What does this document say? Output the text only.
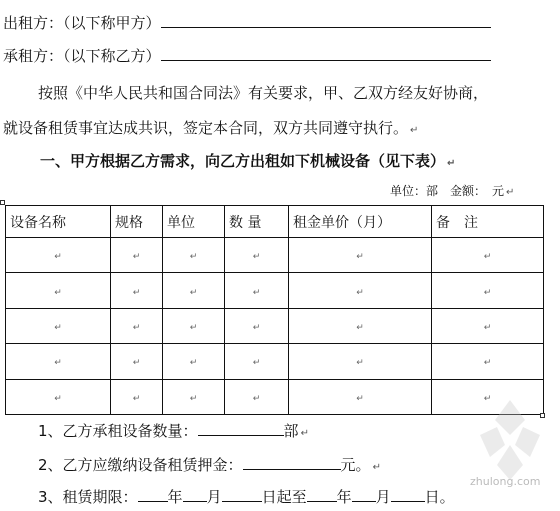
出租方：（以下称甲方）
承租方：（以下称乙方）
按照《中华人民共和国合同法》有关要求，甲、乙双方经友好协商，
就设备租赁事宜达成共识，签定本合同，双方共同遵守执行。 ↵
一、甲方根据乙方需求，向乙方出租如下机械设备（见下表） ↵
单位：部　金额：　元 ↵
设备名称	规格	单位	数 量	租金单价（月）	备　注
↵	↵	↵	↵	↵	↵
↵	↵	↵	↵	↵	↵
↵	↵	↵	↵	↵	↵
↵	↵	↵	↵	↵	↵
↵	↵	↵	↵	↵	↵
1、乙方承租设备数量：	部 ↵
2、乙方应缴纳设备租赁押金：	元。 ↵
3、租赁期限： 年 月	日起至 年 月 日。
zhulong.com
